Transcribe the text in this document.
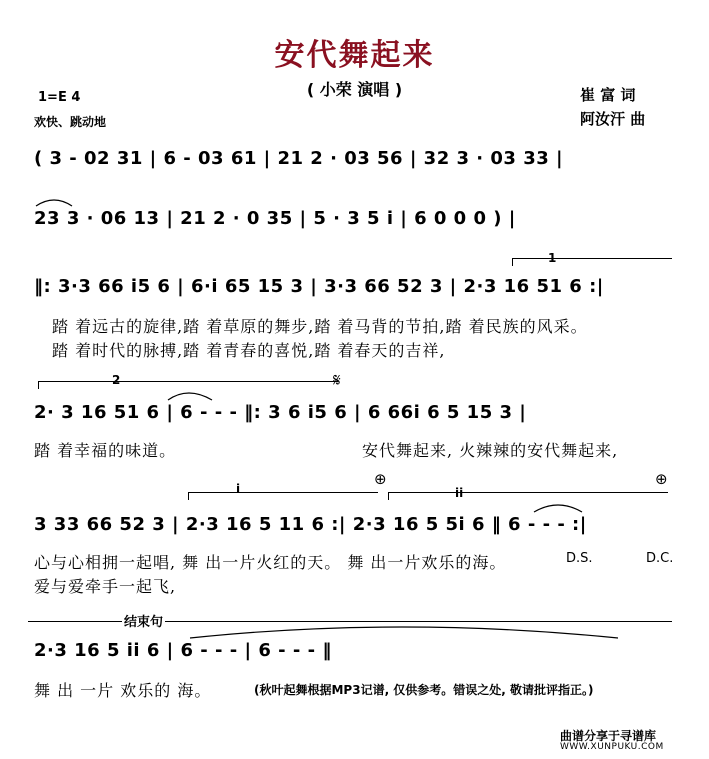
安代舞起来
( 小荣 演唱 )	崔 富 词
阿汝汗 曲
1=E 4
欢快、跳动地
( 3 - 02 31 | 6 - 03 61 | 21 2 · 03 56 | 32 3 · 03 33 |
23 3 · 06 13 | 21 2 · 0 35 | 5 · 3 5 i | 6 0 0 0 ) |
1
‖: 3·3 66 i5 6 | 6·i 65 15 3 | 3·3 66 52 3 | 2·3 16 51 6 :|
踏 着远古的旋律,踏 着草原的舞步,踏 着马背的节拍,踏 着民族的风采。
踏 着时代的脉搏,踏 着青春的喜悦,踏 着春天的吉祥,
2	𝄋
2· 3 16 51 6 | 6 - - - ‖: 3 6 i5 6 | 6 66i 6 5 15 3 |
踏 着幸福的味道。	安代舞起来, 火辣辣的安代舞起来,
i	ii
⊕	⊕
3 33 66 52 3 | 2·3 16 5 11 6 :| 2·3 16 5 5i 6 ‖ 6 - - - :|
心与心相拥一起唱, 舞 出一片火红的天。 舞 出一片欢乐的海。	D.S.	D.C.
爱与爱牵手一起飞,
结束句
2·3 16 5 ii 6 | 6 - - - | 6 - - - ‖
舞 出 一片 欢乐的 海。	(秋叶起舞根据MP3记谱, 仅供参考。错误之处, 敬请批评指正。)
曲谱分享于寻谱库
WWW.XUNPUKU.COM
